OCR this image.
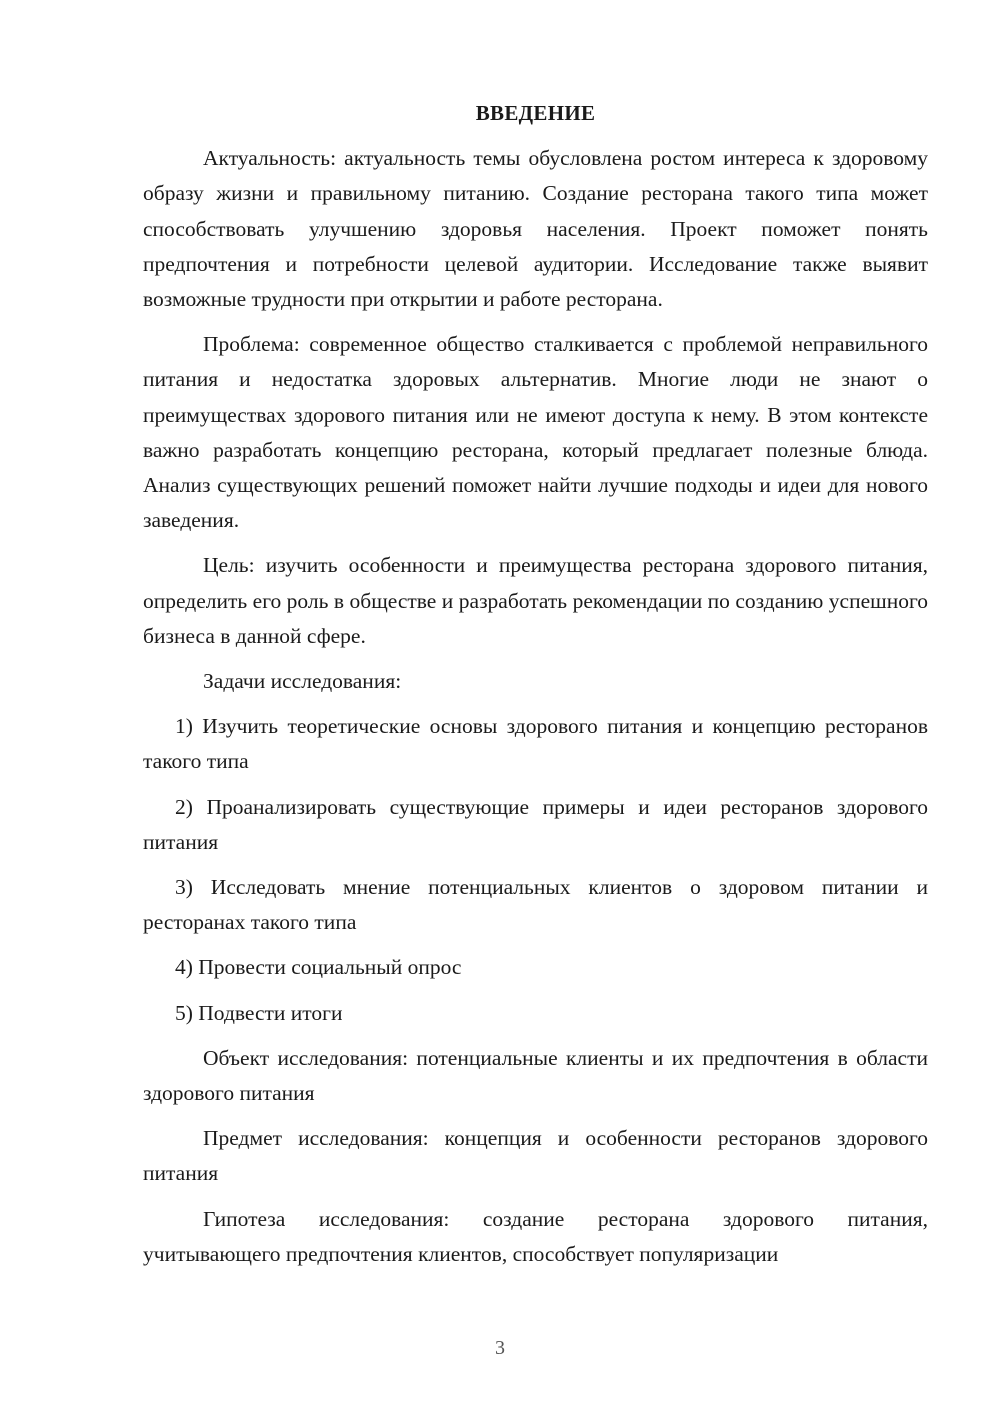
ВВЕДЕНИЕ

Актуальность: актуальность темы обусловлена ростом интереса к здоровому образу жизни и правильному питанию. Создание ресторана такого типа может способствовать улучшению здоровья населения. Проект поможет понять предпочтения и потребности целевой аудитории. Исследование также выявит возможные трудности при открытии и работе ресторана.

Проблема: современное общество сталкивается с проблемой неправильного питания и недостатка здоровых альтернатив. Многие люди не знают о преимуществах здорового питания или не имеют доступа к нему. В этом контексте важно разработать концепцию ресторана, который предлагает полезные блюда. Анализ существующих решений поможет найти лучшие подходы и идеи для нового заведения.

Цель: изучить особенности и преимущества ресторана здорового питания, определить его роль в обществе и разработать рекомендации по созданию успешного бизнеса в данной сфере.

Задачи исследования:

1) Изучить теоретические основы здорового питания и концепцию ресторанов такого типа

2) Проанализировать существующие примеры и идеи ресторанов здорового питания

3) Исследовать мнение потенциальных клиентов о здоровом питании и ресторанах такого типа

4) Провести социальный опрос

5) Подвести итоги

Объект исследования: потенциальные клиенты и их предпочтения в области здорового питания

Предмет исследования: концепция и особенности ресторанов здорового питания

Гипотеза исследования: создание ресторана здорового питания, учитывающего предпочтения клиентов, способствует популяризации

3
